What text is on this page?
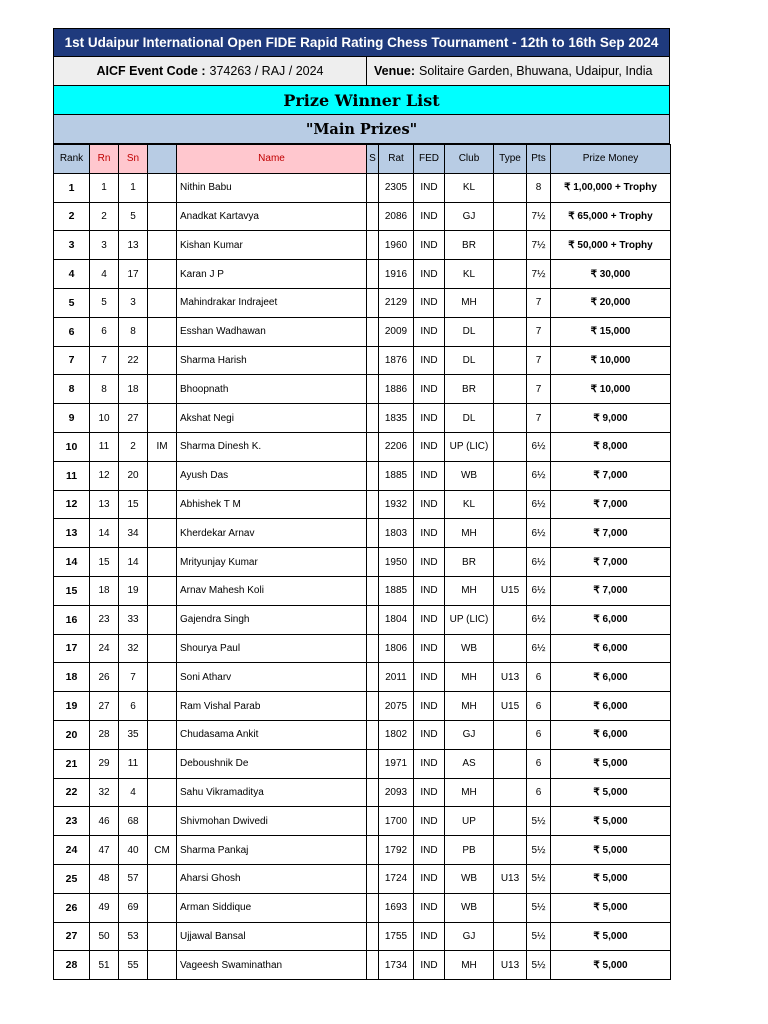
1st Udaipur International Open FIDE Rapid Rating Chess Tournament - 12th to 16th Sep 2024
AICF Event Code : 374263 / RAJ / 2024	Venue: Solitaire Garden, Bhuwana, Udaipur, India
Prize Winner List
"Main Prizes"
Rank	Rn	Sn		Name	S	Rat	FED	Club	Type	Pts	Prize Money
1	1	1		Nithin Babu		2305	IND	KL		8	₹ 1,00,000 + Trophy
2	2	5		Anadkat Kartavya		2086	IND	GJ		7½	₹ 65,000 + Trophy
3	3	13		Kishan Kumar		1960	IND	BR		7½	₹ 50,000 + Trophy
4	4	17		Karan J P		1916	IND	KL		7½	₹ 30,000
5	5	3		Mahindrakar Indrajeet		2129	IND	MH		7	₹ 20,000
6	6	8		Esshan Wadhawan		2009	IND	DL		7	₹ 15,000
7	7	22		Sharma Harish		1876	IND	DL		7	₹ 10,000
8	8	18		Bhoopnath		1886	IND	BR		7	₹ 10,000
9	10	27		Akshat Negi		1835	IND	DL		7	₹ 9,000
10	11	2	IM	Sharma Dinesh K.		2206	IND	UP (LIC)		6½	₹ 8,000
11	12	20		Ayush Das		1885	IND	WB		6½	₹ 7,000
12	13	15		Abhishek T M		1932	IND	KL		6½	₹ 7,000
13	14	34		Kherdekar Arnav		1803	IND	MH		6½	₹ 7,000
14	15	14		Mrityunjay Kumar		1950	IND	BR		6½	₹ 7,000
15	18	19		Arnav Mahesh Koli		1885	IND	MH	U15	6½	₹ 7,000
16	23	33		Gajendra Singh		1804	IND	UP (LIC)		6½	₹ 6,000
17	24	32		Shourya Paul		1806	IND	WB		6½	₹ 6,000
18	26	7		Soni Atharv		2011	IND	MH	U13	6	₹ 6,000
19	27	6		Ram Vishal Parab		2075	IND	MH	U15	6	₹ 6,000
20	28	35		Chudasama Ankit		1802	IND	GJ		6	₹ 6,000
21	29	11		Deboushnik De		1971	IND	AS		6	₹ 5,000
22	32	4		Sahu Vikramaditya		2093	IND	MH		6	₹ 5,000
23	46	68		Shivmohan Dwivedi		1700	IND	UP		5½	₹ 5,000
24	47	40	CM	Sharma Pankaj		1792	IND	PB		5½	₹ 5,000
25	48	57		Aharsi Ghosh		1724	IND	WB	U13	5½	₹ 5,000
26	49	69		Arman Siddique		1693	IND	WB		5½	₹ 5,000
27	50	53		Ujjawal Bansal		1755	IND	GJ		5½	₹ 5,000
28	51	55		Vageesh Swaminathan		1734	IND	MH	U13	5½	₹ 5,000
